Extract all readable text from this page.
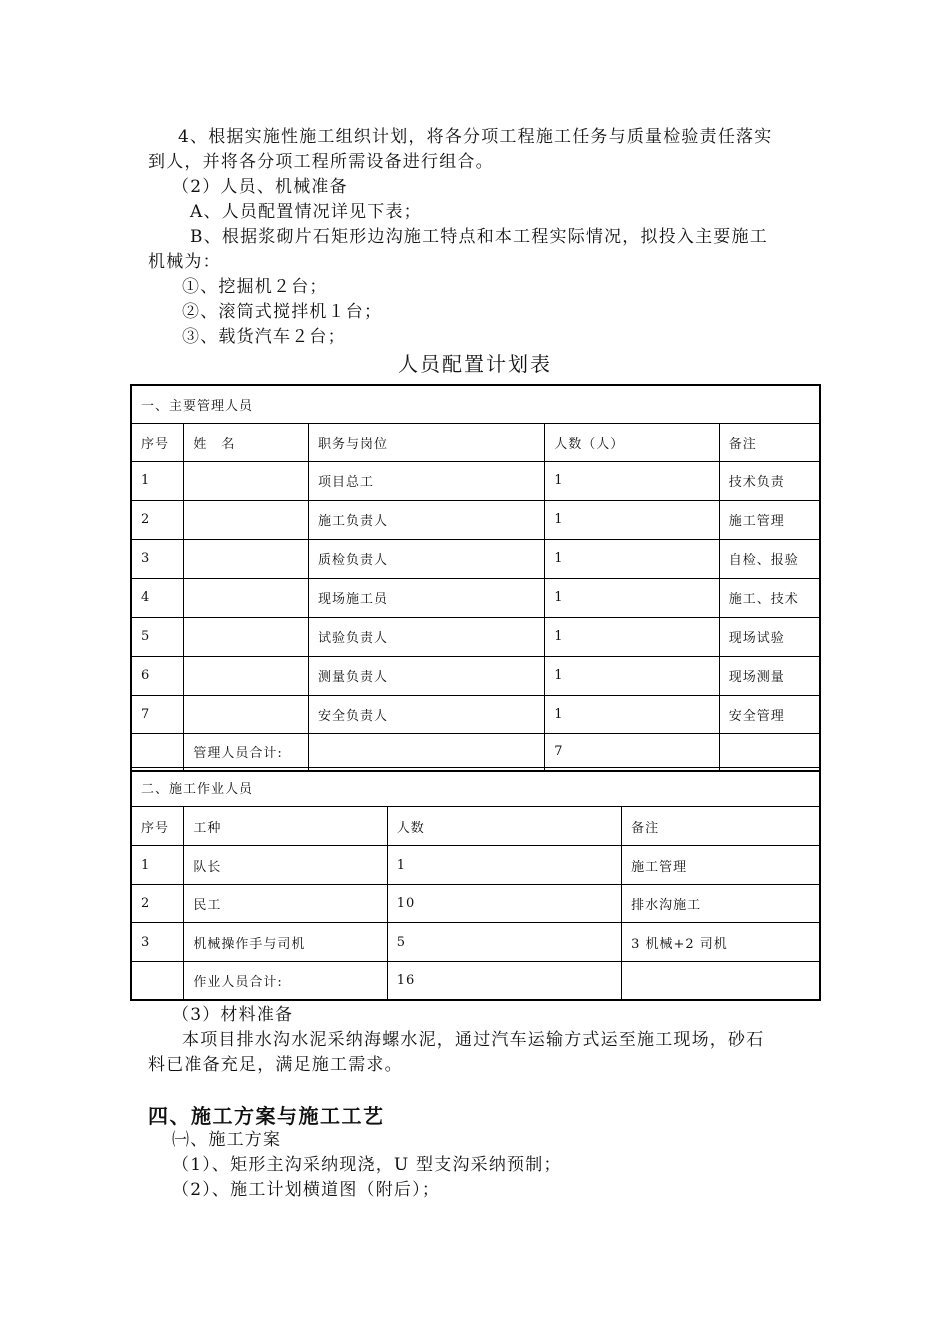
4、根据实施性施工组织计划，将各分项工程施工任务与质量检验责任落实
到人，并将各分项工程所需设备进行组合。
（2）人员、机械准备
A、人员配置情况详见下表；
B、根据浆砌片石矩形边沟施工特点和本工程实际情况，拟投入主要施工
机械为：
①、挖掘机２台；
②、滚筒式搅拌机１台；
③、载货汽车２台；
人员配置计划表
一、主要管理人员				
序号	姓　名	职务与岗位	人数（人）	备注
1		项目总工	1	技术负责
2		施工负责人	1	施工管理
3		质检负责人	1	自检、报验
4		现场施工员	1	施工、技术
5		试验负责人	1	现场试验
6		测量负责人	1	现场测量
7		安全负责人	1	安全管理
	管理人员合计:		7	
二、施工作业人员			
序号	工种	人数	备注
1	队长	1	施工管理
2	民工	10	排水沟施工
3	机械操作手与司机	5	3 机械+2 司机
	作业人员合计:	16	
（3）材料准备
本项目排水沟水泥采纳海螺水泥，通过汽车运输方式运至施工现场，砂石
料已准备充足，满足施工需求。
四、施工方案与施工工艺
㈠、施工方案
（1）、矩形主沟采纳现浇，U 型支沟采纳预制；
（2）、施工计划横道图（附后）；
